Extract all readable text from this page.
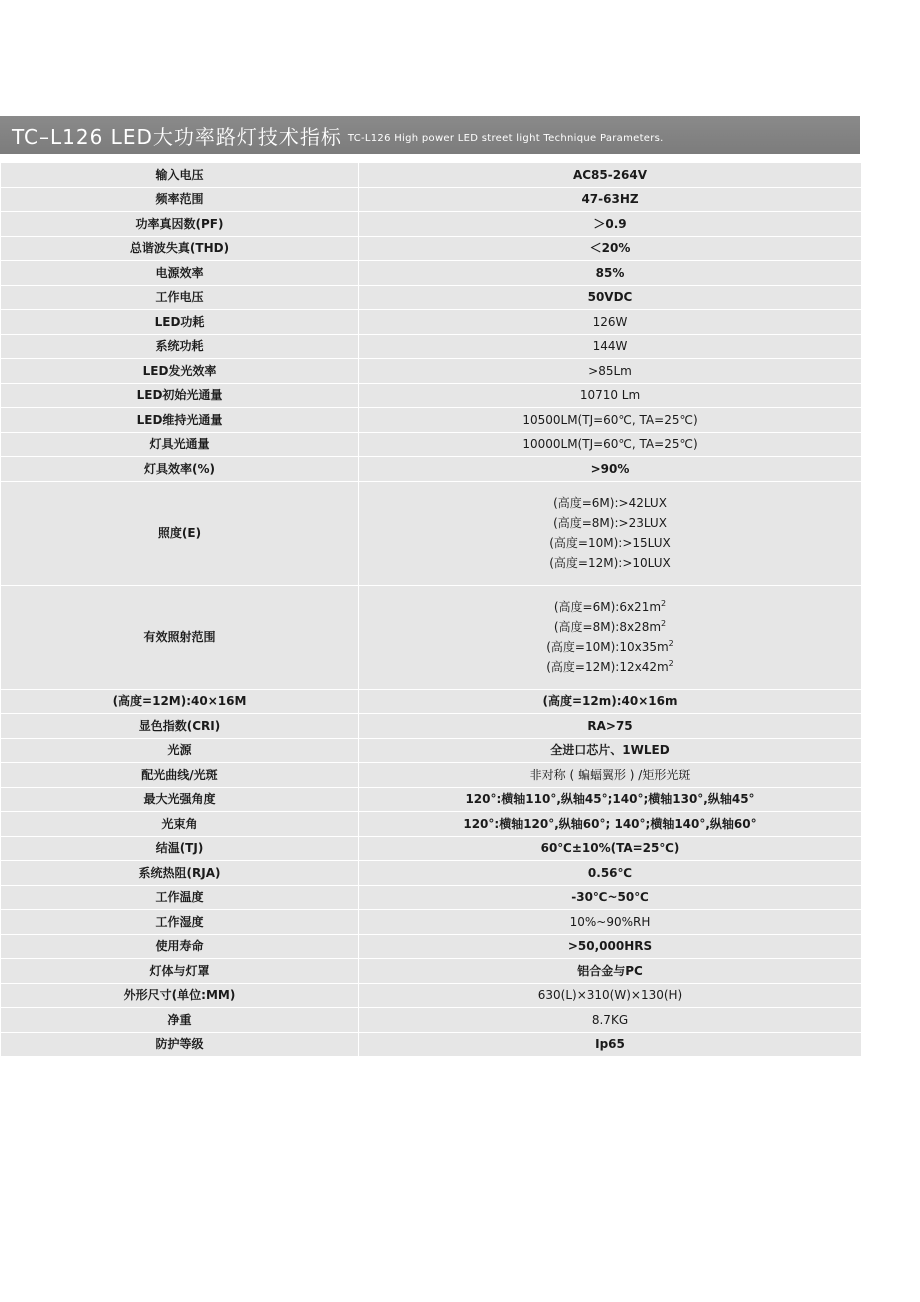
TC–L126 LED大功率路灯技术指标 TC-L126 High power LED street light Technique Parameters.
输入电压	AC85-264V
频率范围	47-63HZ
功率真因数(PF)	＞0.9
总谐波失真(THD)	＜20%
电源效率	85%
工作电压	50VDC
LED功耗	126W
系统功耗	144W
LED发光效率	>85Lm
LED初始光通量	10710 Lm
LED维持光通量	10500LM(TJ=60℃, TA=25℃)
灯具光通量	10000LM(TJ=60℃, TA=25℃)
灯具效率(%)	>90%
照度(E)	(高度=6M):>42LUX
(高度=8M):>23LUX
(高度=10M):>15LUX
(高度=12M):>10LUX

有效照射范围	(高度$=6M):6x21m^2$
(高度$=8M):8x28m^2$
(高度$=10M):10x35m^2$
(高度$=12M):12x42m^2$

(高度=12M):40×16M	(高度=12m):40×16m
显色指数(CRI)	RA>75
光源	全进口芯片、1WLED
配光曲线/光斑	非对称 ( 蝙蝠翼形 ) /矩形光斑
最大光强角度	120°:横轴110°,纵轴45°;140°;横轴130°,纵轴45°
光束角	120°:横轴120°,纵轴60°; 140°;横轴140°,纵轴60°
结温(TJ)	60℃±10%(TA=25℃)
系统热阻(RJA)	0.56℃
工作温度	-30℃~50℃
工作湿度	10%~90%RH
使用寿命	>50,000HRS
灯体与灯罩	铝合金与PC
外形尺寸(单位:MM)	630(L)×310(W)×130(H)
净重	8.7KG
防护等级	Ip65
